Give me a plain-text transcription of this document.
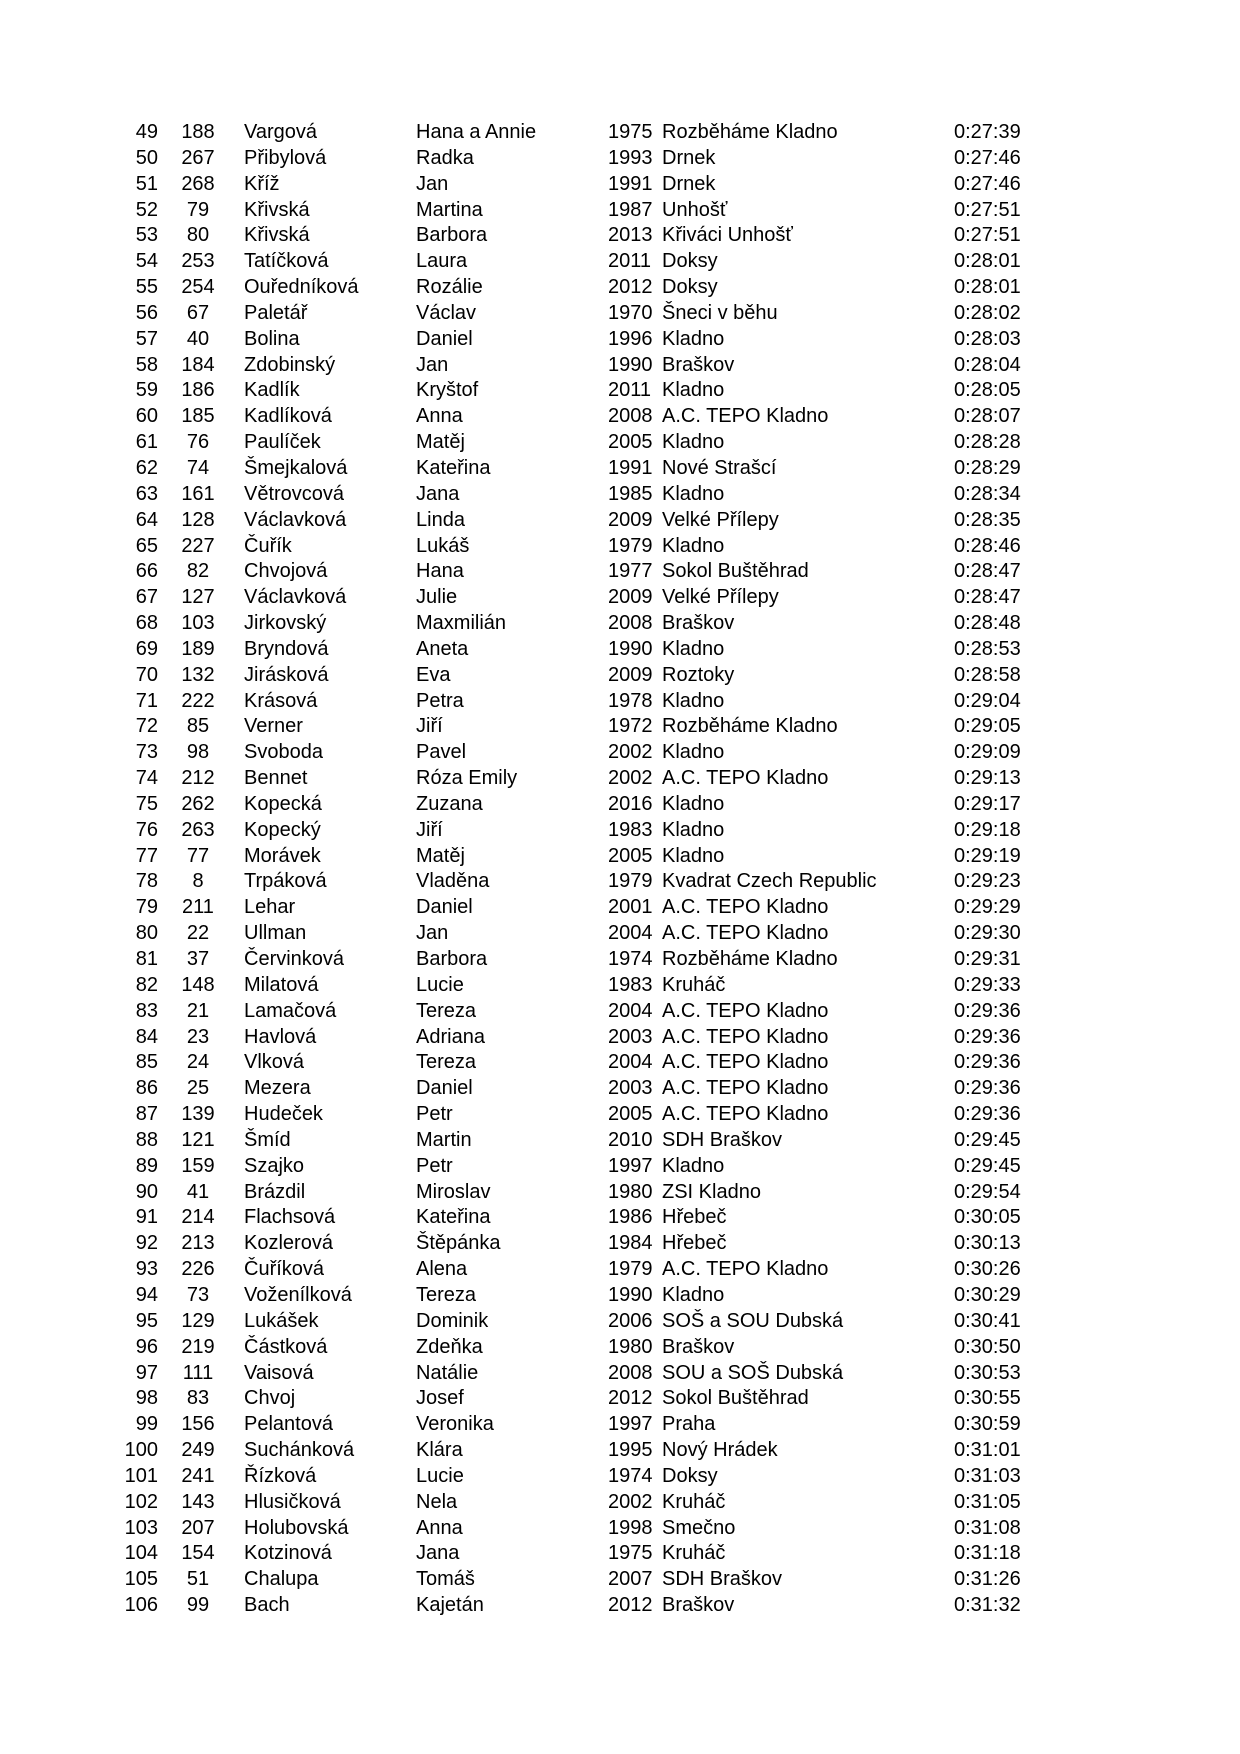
49 188 Vargová	Hana a Annie	1975 Rozběháme Kladno	0:27:39
50 267 Přibylová	Radka	1993 Drnek	0:27:46
51 268 Kříž	Jan	1991 Drnek	0:27:46
52	79	Křivská	Martina	1987 Unhošť	0:27:51
53	80	Křivská	Barbora	2013 Křiváci Unhošť	0:27:51
54 253 Tatíčková	Laura	2011 Doksy	0:28:01
55 254 Ouředníková	Rozálie	2012 Doksy	0:28:01
56	67	Paletář	Václav	1970 Šneci v běhu	0:28:02
57	40	Bolina	Daniel	1996 Kladno	0:28:03
58 184 Zdobinský	Jan	1990 Braškov	0:28:04
59 186 Kadlík	Kryštof	2011 Kladno	0:28:05
60 185 Kadlíková	Anna	2008 A.C. TEPO Kladno	0:28:07
61	76	Paulíček	Matěj	2005 Kladno	0:28:28
62	74	Šmejkalová	Kateřina	1991 Nové Strašcí	0:28:29
63 161 Větrovcová	Jana	1985 Kladno	0:28:34
64 128 Václavková	Linda	2009 Velké Přílepy	0:28:35
65 227 Čuřík	Lukáš	1979 Kladno	0:28:46
66	82	Chvojová	Hana	1977 Sokol Buštěhrad	0:28:47
67 127 Václavková	Julie	2009 Velké Přílepy	0:28:47
68 103 Jirkovský	Maxmilián	2008 Braškov	0:28:48
69 189 Bryndová	Aneta	1990 Kladno	0:28:53
70 132 Jirásková	Eva	2009 Roztoky	0:28:58
71 222 Krásová	Petra	1978 Kladno	0:29:04
72	85	Verner	Jiří	1972 Rozběháme Kladno	0:29:05
73	98	Svoboda	Pavel	2002 Kladno	0:29:09
74 212 Bennet	Róza Emily	2002 A.C. TEPO Kladno	0:29:13
75 262 Kopecká	Zuzana	2016 Kladno	0:29:17
76 263 Kopecký	Jiří	1983 Kladno	0:29:18
77	77	Morávek	Matěj	2005 Kladno	0:29:19
78	8	Trpáková	Vladěna	1979 Kvadrat Czech Republic	0:29:23
79 211 Lehar	Daniel	2001 A.C. TEPO Kladno	0:29:29
80	22	Ullman	Jan	2004 A.C. TEPO Kladno	0:29:30
81	37	Červinková	Barbora	1974 Rozběháme Kladno	0:29:31
82 148 Milatová	Lucie	1983 Kruháč	0:29:33
83	21	Lamačová	Tereza	2004 A.C. TEPO Kladno	0:29:36
84	23	Havlová	Adriana	2003 A.C. TEPO Kladno	0:29:36
85	24	Vlková	Tereza	2004 A.C. TEPO Kladno	0:29:36
86	25	Mezera	Daniel	2003 A.C. TEPO Kladno	0:29:36
87 139 Hudeček	Petr	2005 A.C. TEPO Kladno	0:29:36
88 121 Šmíd	Martin	2010 SDH Braškov	0:29:45
89 159 Szajko	Petr	1997 Kladno	0:29:45
90	41	Brázdil	Miroslav	1980 ZSI Kladno	0:29:54
91 214 Flachsová	Kateřina	1986 Hřebeč	0:30:05
92 213 Kozlerová	Štěpánka	1984 Hřebeč	0:30:13
93 226 Čuříková	Alena	1979 A.C. TEPO Kladno	0:30:26
94	73	Voženílková	Tereza	1990 Kladno	0:30:29
95 129 Lukášek	Dominik	2006 SOŠ a SOU Dubská	0:30:41
96 219 Částková	Zdeňka	1980 Braškov	0:30:50
97 111 Vaisová	Natálie	2008 SOU a SOŠ Dubská	0:30:53
98	83	Chvoj	Josef	2012 Sokol Buštěhrad	0:30:55
99 156 Pelantová	Veronika	1997 Praha	0:30:59
100 249 Suchánková	Klára	1995 Nový Hrádek	0:31:01
101 241 Řízková	Lucie	1974 Doksy	0:31:03
102 143 Hlusičková	Nela	2002 Kruháč	0:31:05
103 207 Holubovská	Anna	1998 Smečno	0:31:08
104 154 Kotzinová	Jana	1975 Kruháč	0:31:18
105	51	Chalupa	Tomáš	2007 SDH Braškov	0:31:26
106	99	Bach	Kajetán	2012 Braškov	0:31:32
